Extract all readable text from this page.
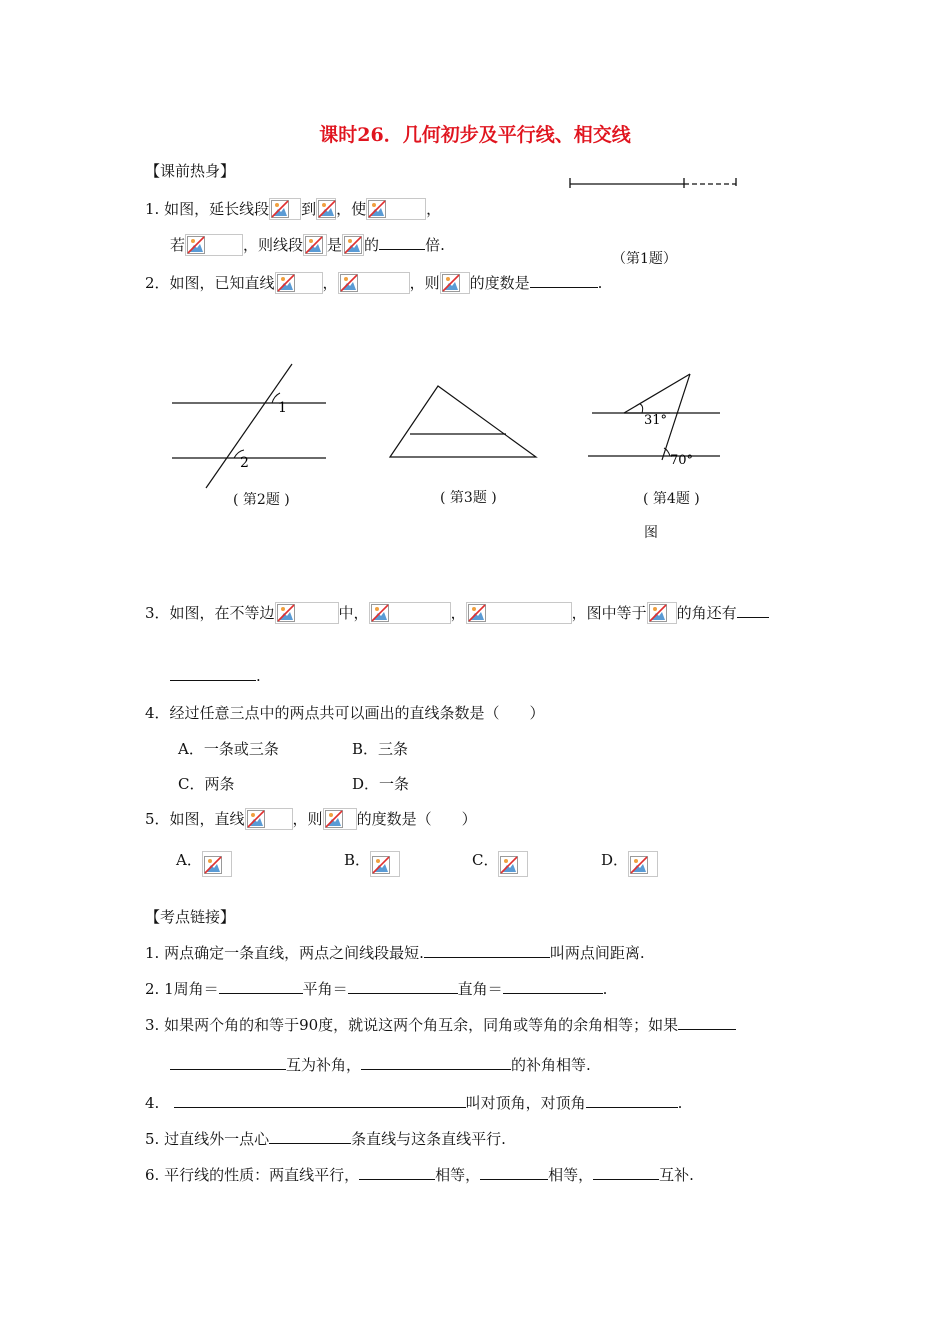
课时26．几何初步及平行线、相交线
【课前热身】
1. 如图，延长线段 到 ，使	，
若	，则线段 是 的	倍.
（第1题）
2．如图，已知直线	，	，则 的度数是	.
1
2
( 第2题 )	( 第3题 )
31°
70°
( 第4题 )
图
3．如图，在不等边	中，	，	，图中等于 的角还有
.
4．经过任意三点中的两点共可以画出的直线条数是（　　）
A．一条或三条	B．三条
C．两条	D．一条
5．如图，直线	，则 的度数是（　　）
A．	B．	C．	D．
【考点链接】
1. 两点确定一条直线，两点之间线段最短.	叫两点间距离.
2. 1周角＝	平角＝	直角＝	.
3. 如果两个角的和等于90度，就说这两个角互余，同角或等角的余角相等；如果
互为补角，	的补角相等.
4.	叫对顶角，对顶角	.
5. 过直线外一点心	条直线与这条直线平行.
6. 平行线的性质：两直线平行，	相等，	相等，	互补.
